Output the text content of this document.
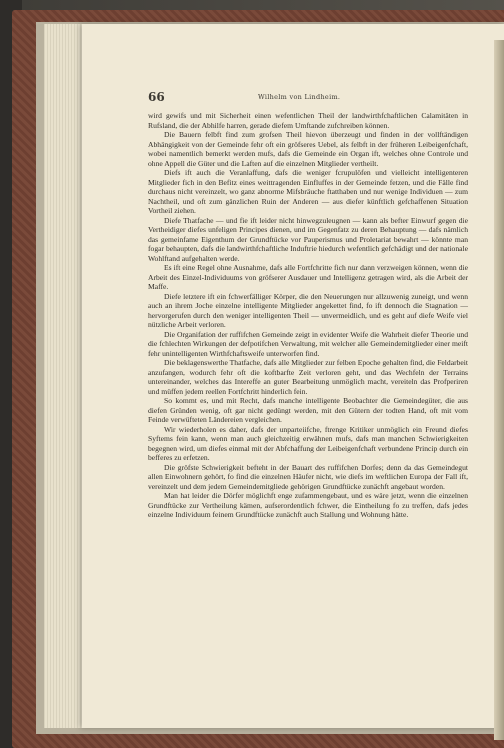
66	Wilhelm von Lindheim.

wird gewifs und mit Sicherheit einen wefentlichen Theil der landwirthfchaftlichen Calamitäten in Rufsland, die der Abhilfe harren, gerade diefem Umftande zufchreiben können.

Die Bauern felbft find zum grofsen Theil hievon überzeugt und finden in der vollftändigen Abhängigkeit von der Gemeinde fehr oft ein gröfseres Uebel, als felbft in der früheren Leibeigenfchaft, wobei namentlich bemerkt werden mufs, dafs die Gemeinde ein Organ ift, welches ohne Controle und ohne Appell die Güter und die Laften auf die einzelnen Mitglieder vertheilt.

Diefs ift auch die Veranlaffung, dafs die weniger fcrupulöfen und vielleicht intelligenteren Mitglieder fich in den Befitz eines weittragenden Einfluffes in der Gemeinde fetzen, und die Fälle find durchaus nicht vereinzelt, wo ganz abnorme Mifsbräuche ftatthaben und nur wenige Individuen — zum Nachtheil, und oft zum gänzlichen Ruin der Anderen — aus diefer künftlich gefchaffenen Situation Vortheil ziehen.

Diefe Thatfache — und fie ift leider nicht hinwegzuleugnen — kann als befter Einwurf gegen die Vertheidiger diefes unfeligen Principes dienen, und im Gegenfatz zu deren Behauptung — dafs nämlich das gemeinfame Eigenthum der Grundftücke vor Pauperismus und Proletariat bewahrt — könnte man fogar behaupten, dafs die landwirthfchaftliche Induftrie hiedurch wefentlich gefchädigt und der nationale Wohlftand aufgehalten werde.

Es ift eine Regel ohne Ausnahme, dafs alle Fortfchritte fich nur dann verzweigen können, wenn die Arbeit des Einzel-Individuums von gröfserer Ausdauer und Intelligenz getragen wird, als die Arbeit der Maffe.

Diefe letztere ift ein fchwerfälliger Körper, die den Neuerungen nur allzuwenig zuneigt, und wenn auch an ihrem Joche einzelne intelligente Mitglieder angekettet find, fo ift dennoch die Stagnation — hervorgerufen durch den weniger intelligenten Theil — unvermeidlich, und es geht auf diefe Weife viel nützliche Arbeit verloren.

Die Organifation der ruffifchen Gemeinde zeigt in evidenter Weife die Wahrheit diefer Theorie und die fchlechten Wirkungen der defpotifchen Verwaltung, mit welcher alle Gemeindemitglieder einer meift fehr unintelligenten Wirthfchaftsweife unterworfen find.

Die beklagenswerthe Thatfache, dafs alle Mitglieder zur felben Epoche gehalten find, die Feldarbeit anzufangen, wodurch fehr oft die koftbarfte Zeit verloren geht, und das Wechfeln der Terrains untereinander, welches das Intereffe an guter Bearbeitung unmöglich macht, vereiteln das Profperiren und müffen jedem reellen Fortfchritt hinderlich fein.

So kommt es, und mit Recht, dafs manche intelligente Beobachter die Gemeindegüter, die aus diefen Gründen wenig, oft gar nicht gedüngt werden, mit den Gütern der todten Hand, oft mit vom Feinde verwüfteten Ländereien vergleichen.

Wir wiederholen es daher, dafs der unparteiifche, ftrenge Kritiker unmöglich ein Freund diefes Syftems fein kann, wenn man auch gleichzeitig erwähnen mufs, dafs man manchen Schwierigkeiten begegnen wird, um diefes einmal mit der Abfchaffung der Leibeigenfchaft verbundene Princip durch ein befferes zu erfetzen.

Die gröfste Schwierigkeit befteht in der Bauart des ruffifchen Dorfes; denn da das Gemeindegut allen Einwohnern gehört, fo find die einzelnen Häufer nicht, wie diefs im weftlichen Europa der Fall ift, vereinzelt und dem jedem Gemeindemitgliede gehörigen Grundftücke zunächft angebaut worden.

Man hat leider die Dörfer möglichft enge zufammengebaut, und es wäre jetzt, wenn die einzelnen Grundftücke zur Vertheilung kämen, aufserordentlich fchwer, die Eintheilung fo zu treffen, dafs jedes einzelne Individuum feinem Grundftücke zunächft auch Stallung und Wohnung hätte.
